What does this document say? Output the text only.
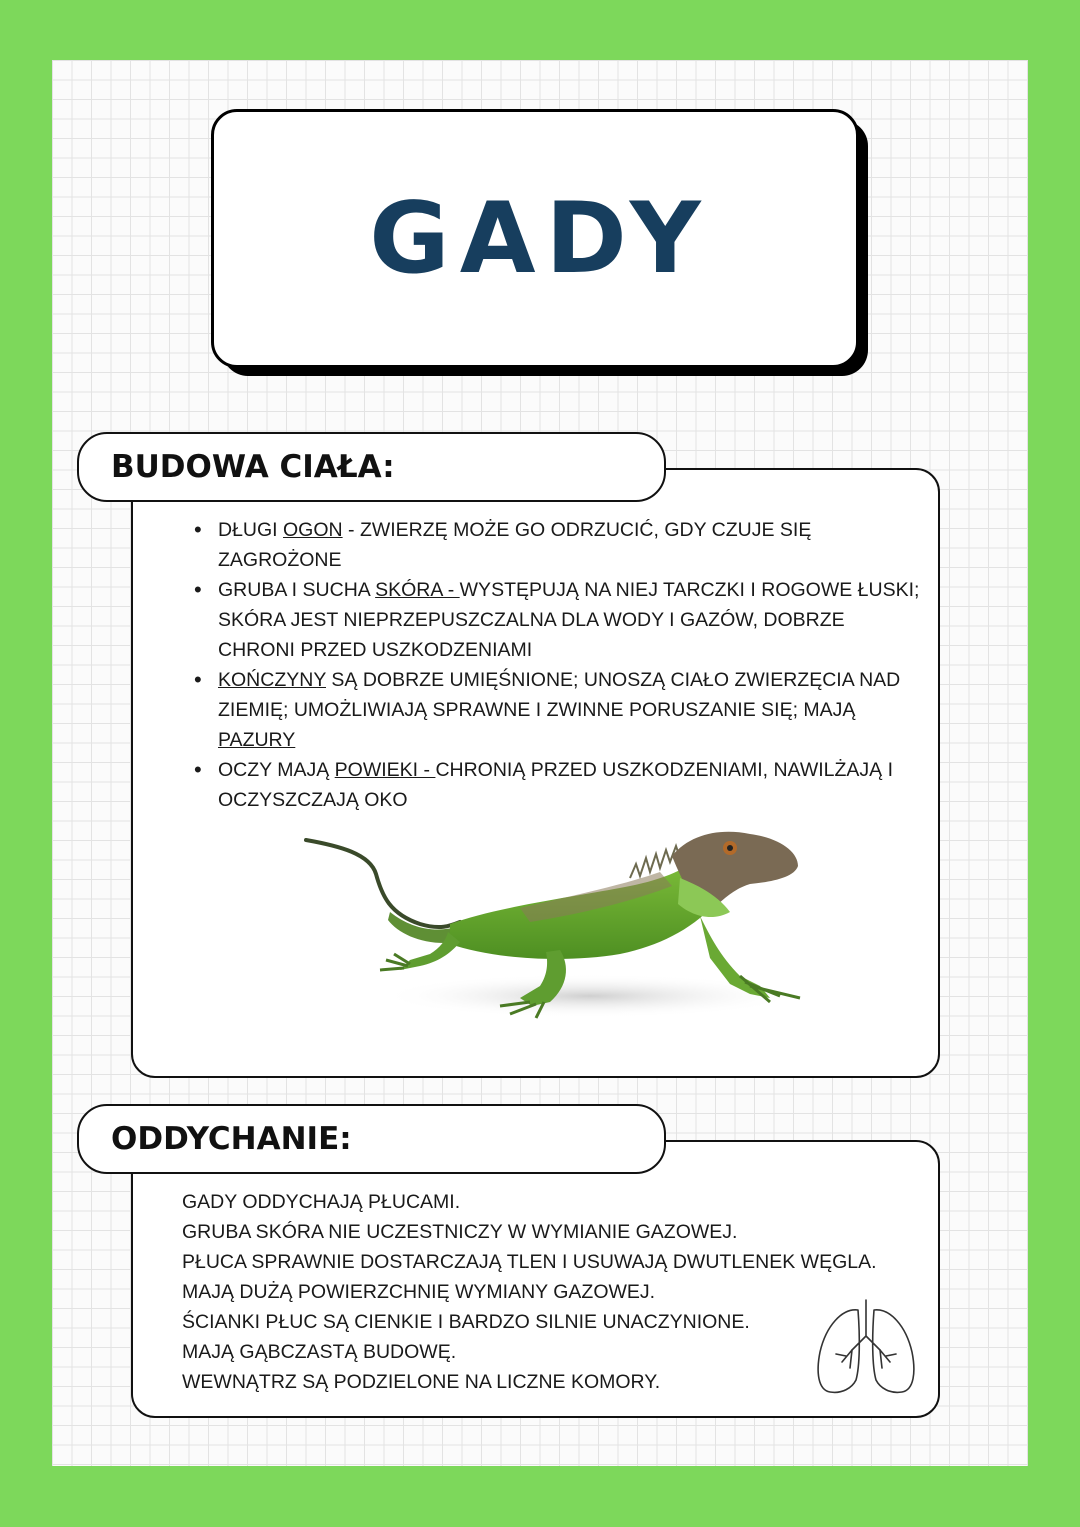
GADY
BUDOWA CIAŁA:
• DŁUGI OGON - ZWIERZĘ MOŻE GO ODRZUCIĆ, GDY CZUJE SIĘ ZAGROŻONE
• GRUBA I SUCHA SKÓRA - WYSTĘPUJĄ NA NIEJ TARCZKI I ROGOWE ŁUSKI; SKÓRA JEST NIEPRZEPUSZCZALNA DLA WODY I GAZÓW, DOBRZE CHRONI PRZED USZKODZENIAMI
• KOŃCZYNY SĄ DOBRZE UMIĘŚNIONE; UNOSZĄ CIAŁO ZWIERZĘCIA NAD ZIEMIĘ; UMOŻLIWIAJĄ SPRAWNE I ZWINNE PORUSZANIE SIĘ; MAJĄ PAZURY
• OCZY MAJĄ POWIEKI - CHRONIĄ PRZED USZKODZENIAMI, NAWILŻAJĄ I OCZYSZCZAJĄ OKO
ODDYCHANIE:
GADY ODDYCHAJĄ PŁUCAMI.
GRUBA SKÓRA NIE UCZESTNICZY W WYMIANIE GAZOWEJ.
PŁUCA SPRAWNIE DOSTARCZAJĄ TLEN I USUWAJĄ DWUTLENEK WĘGLA.
MAJĄ DUŻĄ POWIERZCHNIĘ WYMIANY GAZOWEJ.
ŚCIANKI PŁUC SĄ CIENKIE I BARDZO SILNIE UNACZYNIONE.
MAJĄ GĄBCZASTĄ BUDOWĘ.
WEWNĄTRZ SĄ PODZIELONE NA LICZNE KOMORY.
